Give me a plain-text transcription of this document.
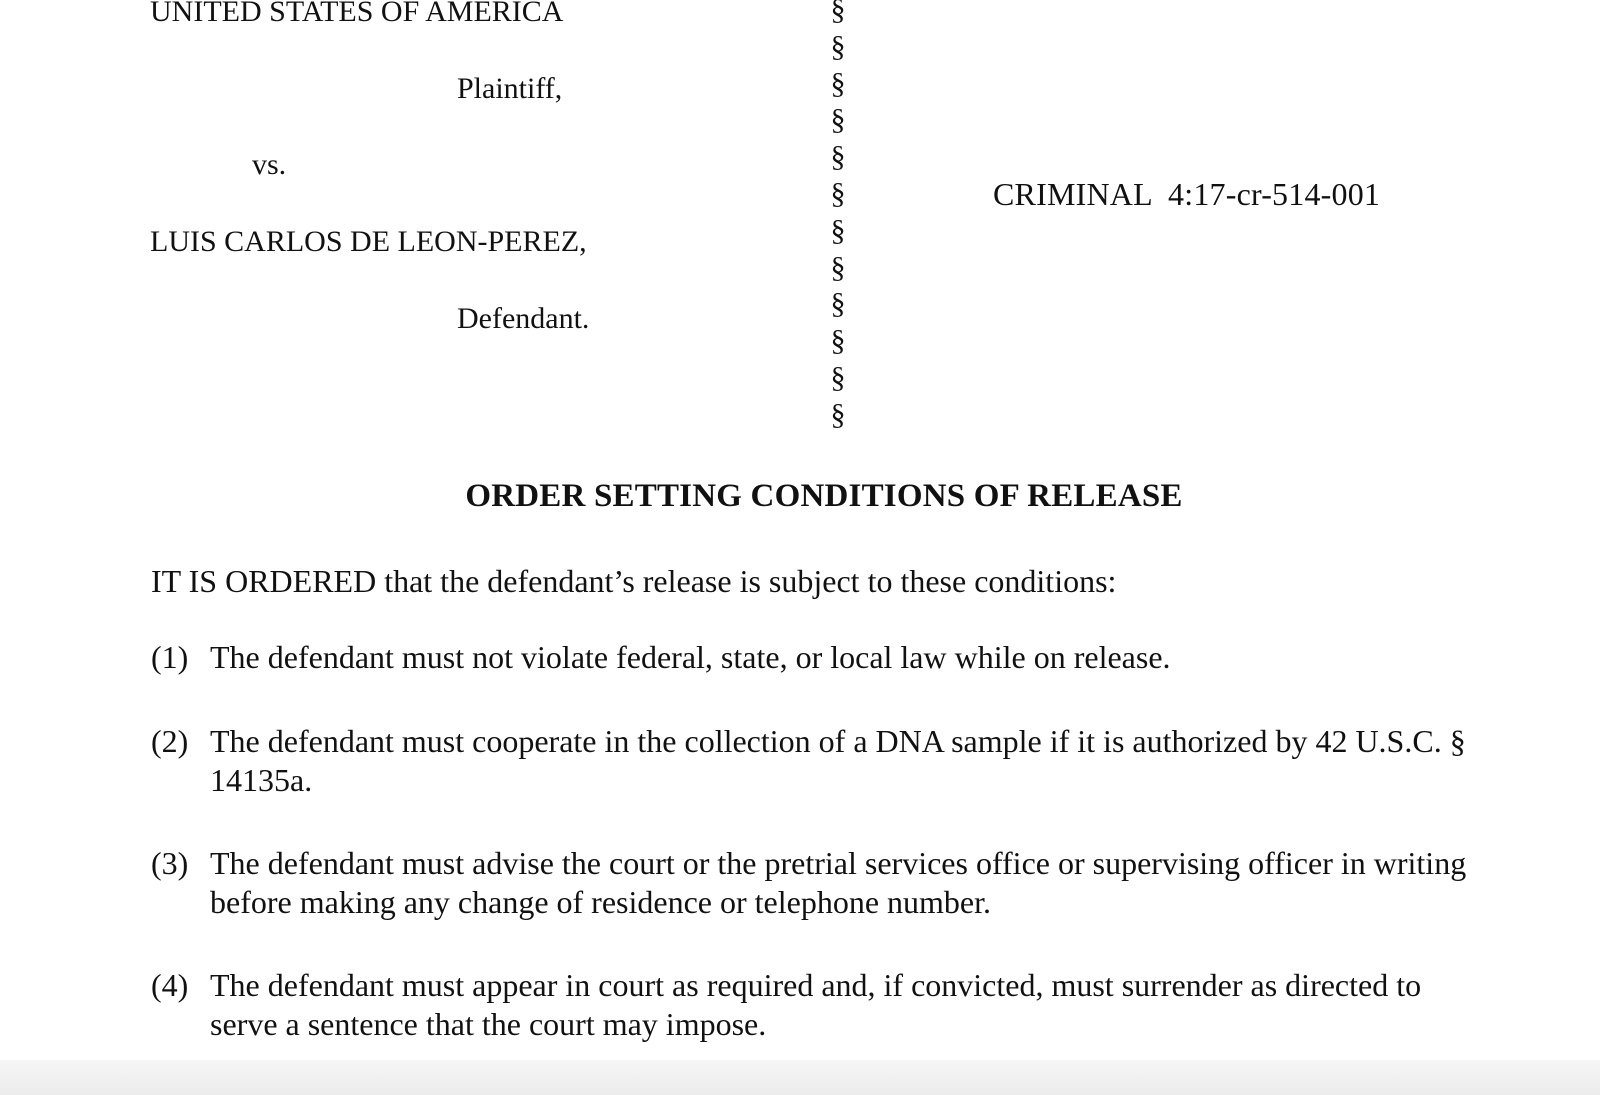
UNITED STATES OF AMERICA
Plaintiff,
vs.
LUIS CARLOS DE LEON-PEREZ,
Defendant.
§
§
§
§
§
§
§
§
§
§
§
§
CRIMINAL  4:17-cr-514-001
ORDER SETTING CONDITIONS OF RELEASE
IT IS ORDERED that the defendant’s release is subject to these conditions:
(1) The defendant must not violate federal, state, or local law while on release.
(2) The defendant must cooperate in the collection of a DNA sample if it is authorized by 42 U.S.C. § 14135a.
(3) The defendant must advise the court or the pretrial services office or supervising officer in writing before making any change of residence or telephone number.
(4) The defendant must appear in court as required and, if convicted, must surrender as directed to serve a sentence that the court may impose.
